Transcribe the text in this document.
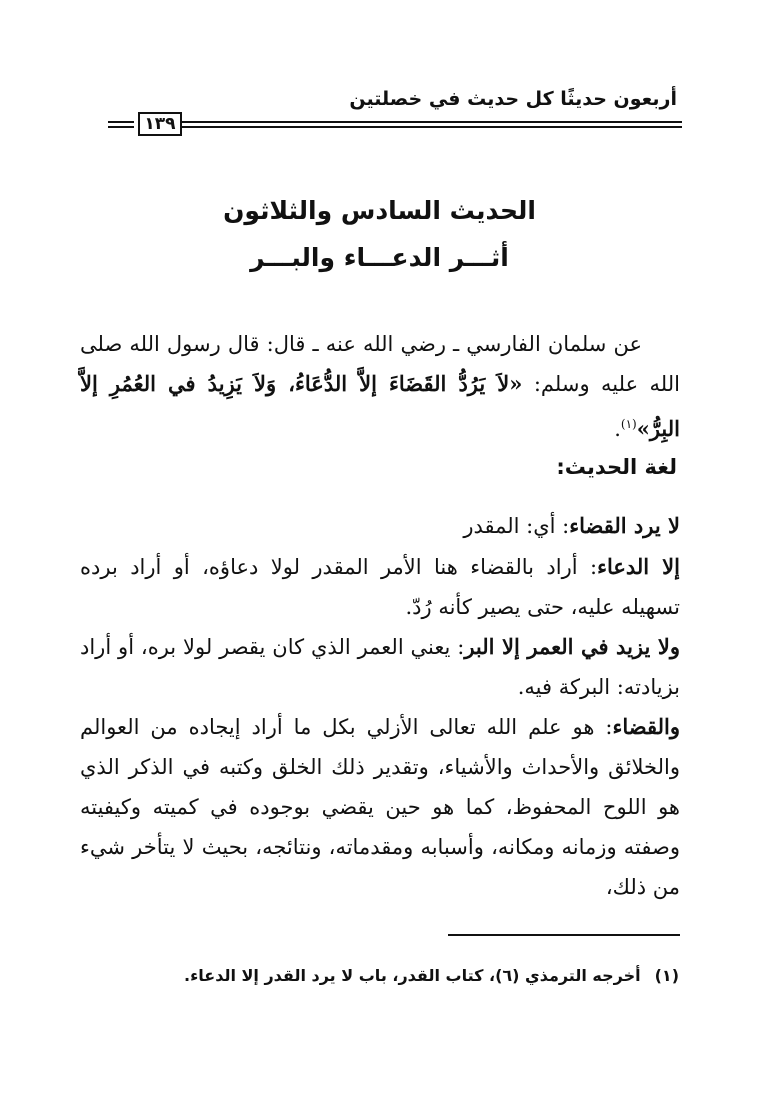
أربعون حديثًا كل حديث في خصلتين
١٣٩
الحديث السادس والثلاثون
أثـــر الدعـــاء والبـــر
عن سلمان الفارسي ـ رضي الله عنه ـ قال: قال رسول الله صلى الله عليه وسلم: «لاَ يَرُدُّ القَضَاءَ إلاَّ الدُّعَاءُ، وَلاَ يَزِيدُ في العُمُرِ إلاَّ البِرُّ»$^{(١)}$.
لغة الحديث:
لا يرد القضاء: أي: المقدر
إلا الدعاء: أراد بالقضاء هنا الأمر المقدر لولا دعاؤه، أو أراد برده تسهيله عليه، حتى يصير كأنه رُدّ.
ولا يزيد في العمر إلا البر: يعني العمر الذي كان يقصر لولا بره، أو أراد بزيادته: البركة فيه.
والقضاء: هو علم الله تعالى الأزلي بكل ما أراد إيجاده من العوالم والخلائق والأحداث والأشياء، وتقدير ذلك الخلق وكتبه في الذكر الذي هو اللوح المحفوظ، كما هو حين يقضي بوجوده في كميته وكيفيته وصفته وزمانه ومكانه، وأسبابه ومقدماته، ونتائجه، بحيث لا يتأخر شيء من ذلك،
(١)أخرجه الترمذي (٦)، كتاب القدر، باب لا يرد القدر إلا الدعاء.
